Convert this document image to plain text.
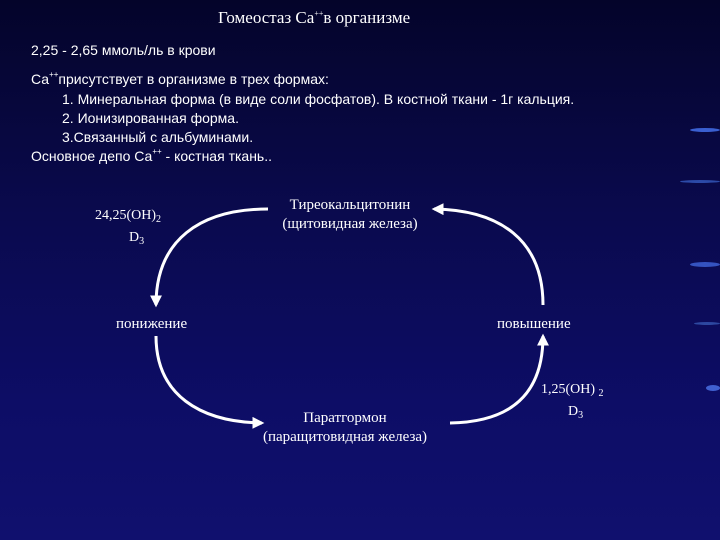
Гомеостаз Са++в организме
2,25 - 2,65 ммоль/ль в крови
Са++присутствует в организме в трех формах:
1. Минеральная форма (в виде соли фосфатов). В костной ткани - 1г кальция.
2. Ионизированная форма.
3.Связанный с альбуминами.
Основное депо Са++ - костная ткань..
Тиреокальцитонин
(щитовидная железа)
Паратгормон
(паращитовидная железа)
понижение	повышение
$24,25(OH)_2$
$D_3$
1,25(OH) $_2$
$D_3$
